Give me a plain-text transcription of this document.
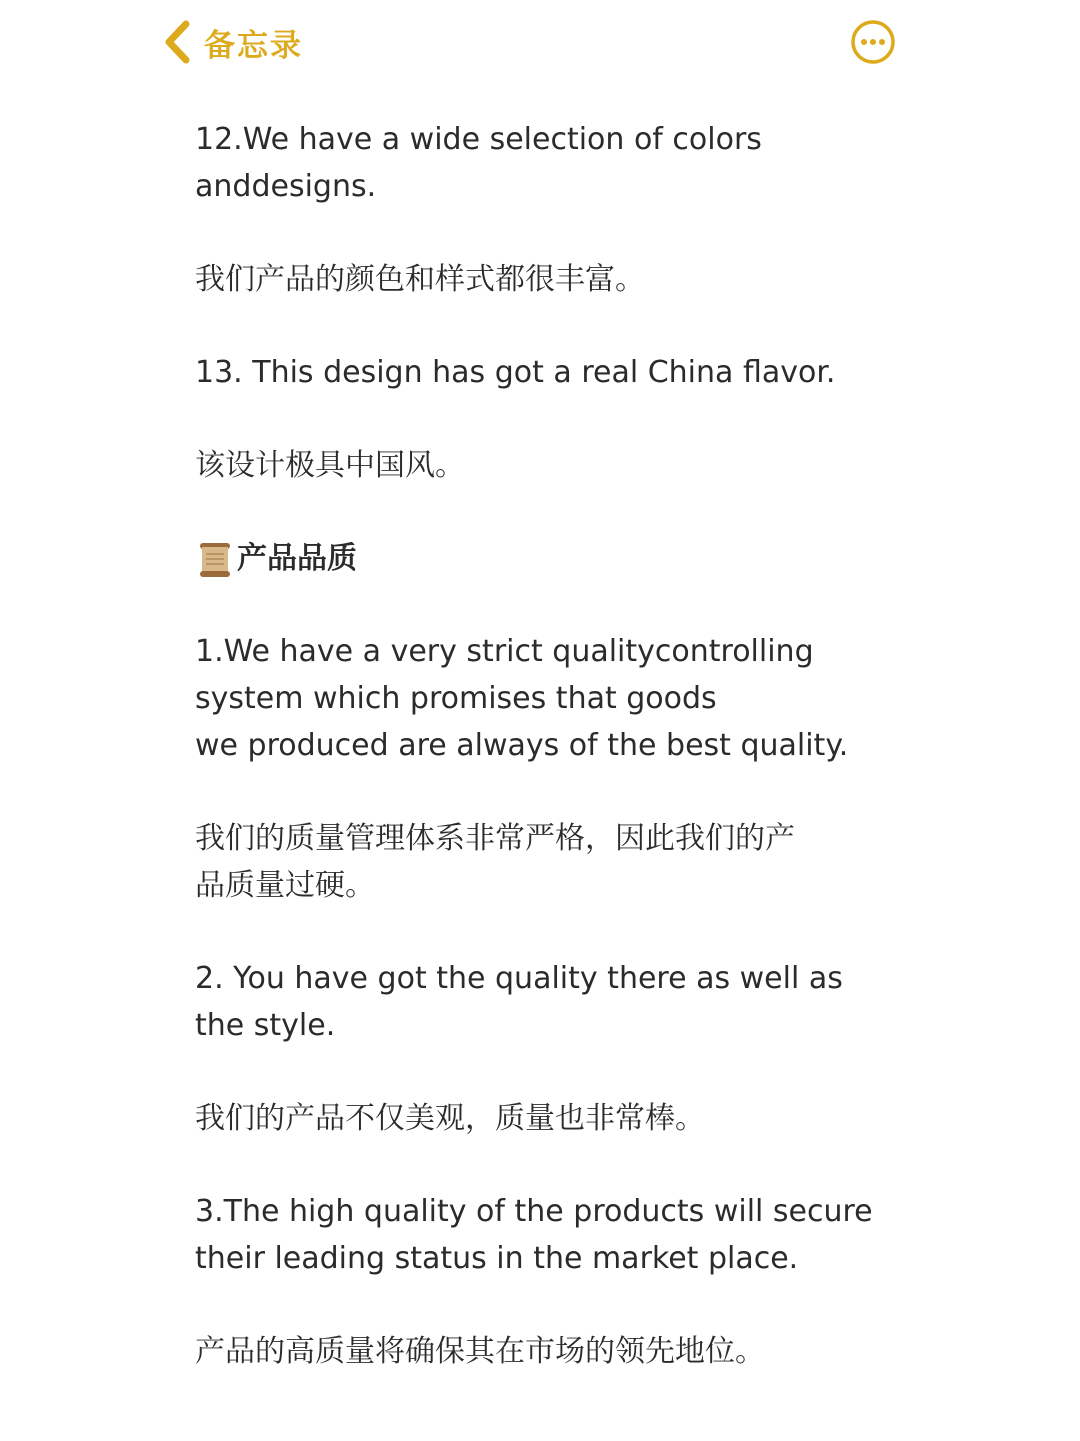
备忘录

12.We have a wide selection of colors
anddesigns.

我们产品的颜色和样式都很丰富。

13. This design has got a real China flavor.

该设计极具中国风。

产品品质

1.We have a very strict qualitycontrolling
system which promises that goods
we produced are always of the best quality.

我们的质量管理体系非常严格，因此我们的产
品质量过硬。

2. You have got the quality there as well as
the style.

我们的产品不仅美观，质量也非常棒。

3.The high quality of the products will secure
their leading status in the market place.

产品的高质量将确保其在市场的领先地位。
